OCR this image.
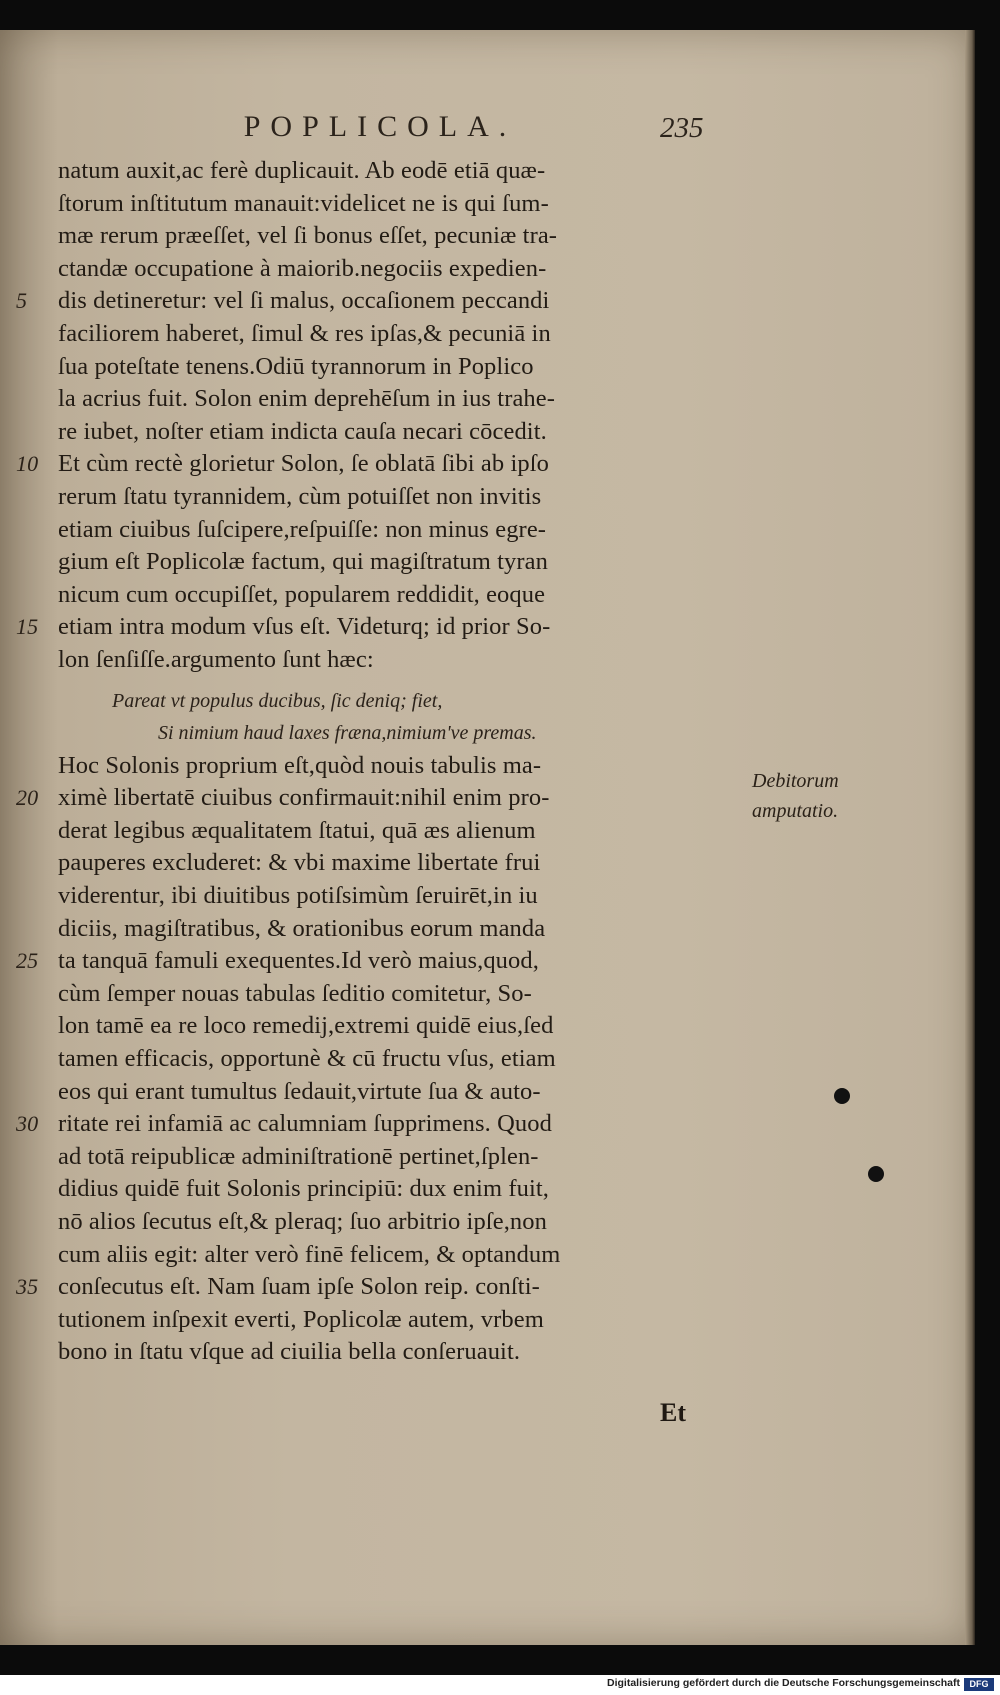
POPLICOLA.	235
natum auxit,ac ferè duplicauit. Ab eodē etiā quæ-
ſtorum inſtitutum manauit:videlicet ne is qui ſum-
mæ rerum præeſſet, vel ſi bonus eſſet, pecuniæ tra-
ctandæ occupatione à maiorib.negociis expedien-
5 dis detineretur: vel ſi malus, occaſionem peccandi
faciliorem haberet, ſimul & res ipſas,& pecuniā in
ſua poteſtate tenens.Odiū tyrannorum in Poplico
la acrius fuit. Solon enim deprehēſum in ius trahe-
re iubet, noſter etiam indicta cauſa necari cōcedit.
10 Et cùm rectè glorietur Solon, ſe oblatā ſibi ab ipſo
rerum ſtatu tyrannidem, cùm potuiſſet non invitis
etiam ciuibus ſuſcipere,reſpuiſſe: non minus egre-
gium eſt Poplicolæ factum, qui magiſtratum tyran
nicum cum occupiſſet, popularem reddidit, eoque
15 etiam intra modum vſus eſt. Videturq; id prior So-
lon ſenſiſſe.argumento ſunt hæc:
Pareat vt populus ducibus, ſic deniq; fiet,
Si nimium haud laxes fræna,nimium've premas.
Hoc Solonis proprium eſt,quòd nouis tabulis ma-
20 ximè libertatē ciuibus confirmauit:nihil enim pro-
derat legibus æqualitatem ſtatui, quā æs alienum
pauperes excluderet: & vbi maxime libertate frui
viderentur, ibi diuitibus potiſsimùm ſeruirēt,in iu
diciis, magiſtratibus, & orationibus eorum manda
25 ta tanquā famuli exequentes.Id verò maius,quod,
cùm ſemper nouas tabulas ſeditio comitetur, So-
lon tamē ea re loco remedij,extremi quidē eius,ſed
tamen efficacis, opportunè & cū fructu vſus, etiam
eos qui erant tumultus ſedauit,virtute ſua & auto-
30 ritate rei infamiā ac calumniam ſupprimens. Quod
ad totā reipublicæ adminiſtrationē pertinet,ſplen-
didius quidē fuit Solonis principiū: dux enim fuit,
nō alios ſecutus eſt,& pleraq; ſuo arbitrio ipſe,non
cum aliis egit: alter verò finē felicem, & optandum
35 conſecutus eſt. Nam ſuam ipſe Solon reip. conſti-
tutionem inſpexit everti, Poplicolæ autem, vrbem
bono in ſtatu vſque ad ciuilia bella conſeruauit.
Et
Debitorum
amputatio.
Digitalisierung gefördert durch die Deutsche Forschungsgemeinschaft	DFG
